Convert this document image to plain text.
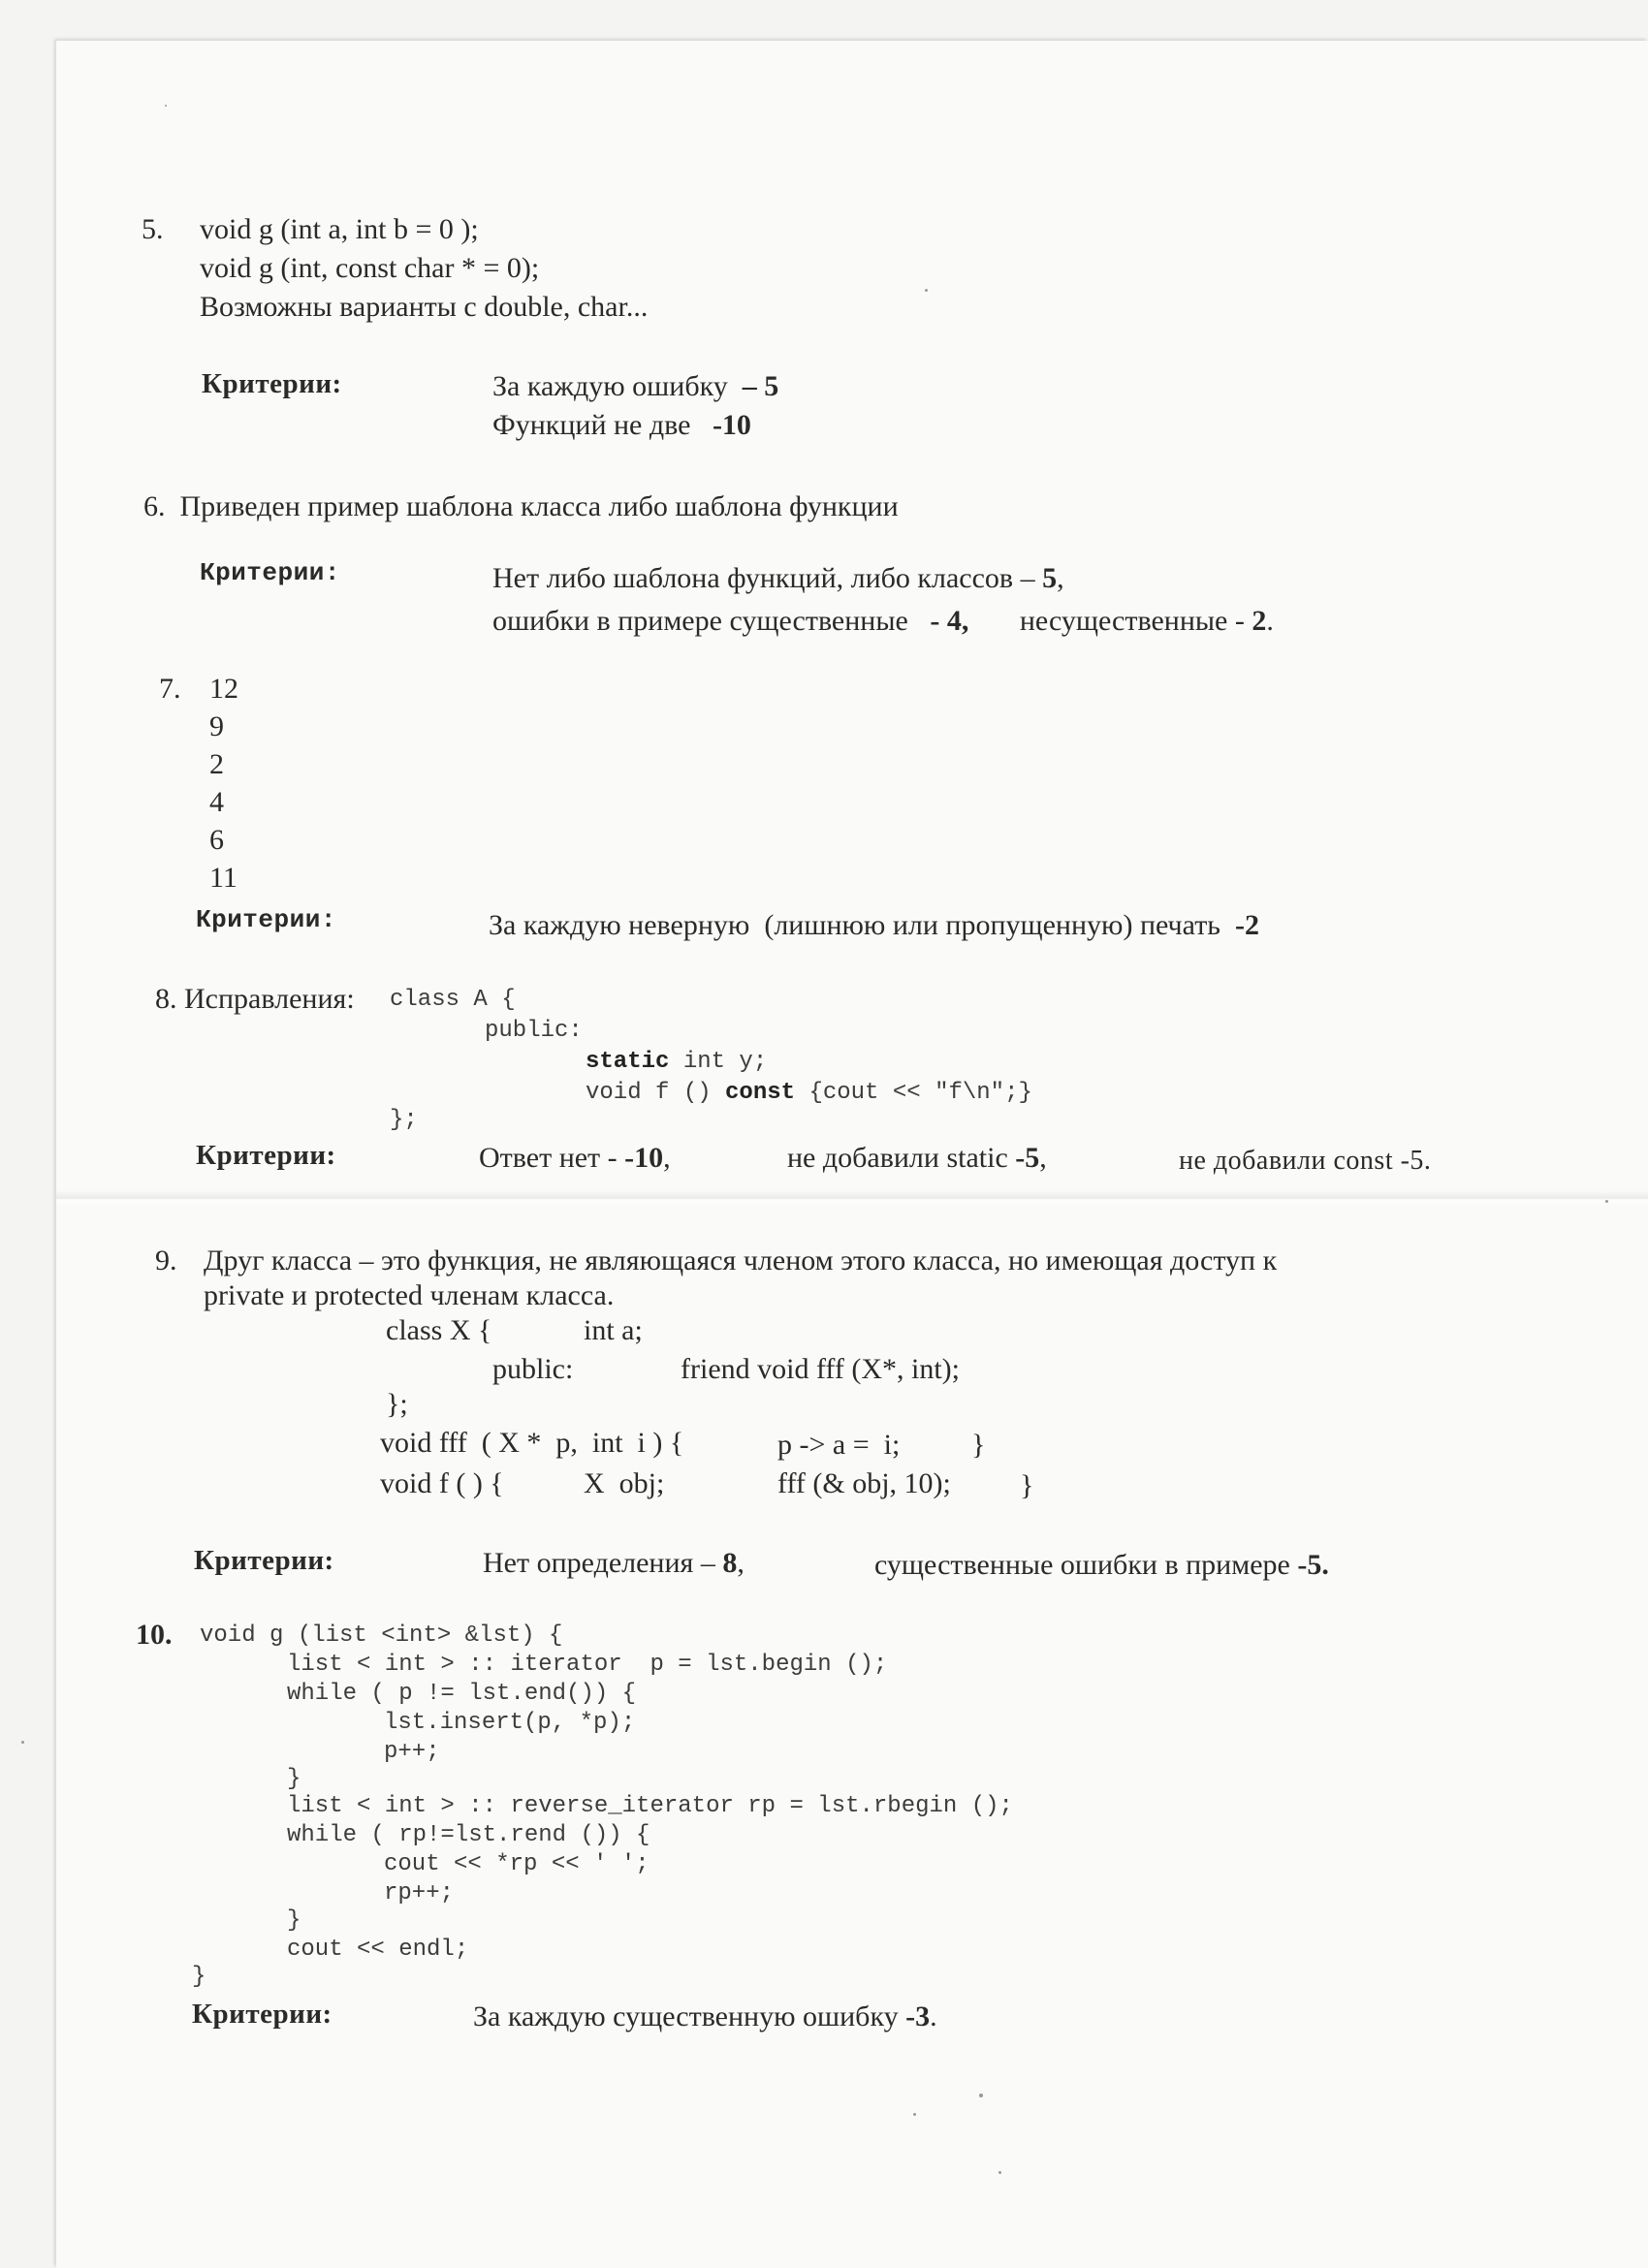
5. void g (int a, int b = 0 );
void g (int, const char * = 0);
Возможны варианты с double, char...
Критерии:	За каждую ошибку – 5
Функций не две -10
6. Приведен пример шаблона класса либо шаблона функции
Критерии:	Нет либо шаблона функций, либо классов – 5,
ошибки в примере существенные - 4, несущественные - 2.
7. 12
9
2
4
6
11
Критерии:	За каждую неверную  (лишнюю или пропущенную) печать -2
8. Исправления: class A {
public:
static int y;
void f () const {cout << "f\n";}
};
Критерии:	Ответ нет - -10,	не добавили static -5,	не добавили const -5.
9. Друг класса – это функция, не являющаяся членом этого класса, но имеющая доступ к
private и protected членам класса.
class X {	int a;
public:	friend void fff (X*, int);
};
void fff  ( X *  p,  int  i ) {	p -> a =  i; }
void f ( ) {	X  obj;	fff (& obj, 10); }
Критерии:	Нет определения – 8,	существенные ошибки в примере -5.
10. void g (list <int> &lst) {
list < int > :: iterator  p = lst.begin ();
while ( p != lst.end()) {
lst.insert(p, *p);
p++;
}
list < int > :: reverse_iterator rp = lst.rbegin ();
while ( rp!=lst.rend ()) {
cout << *rp << ' ';
rp++;
}
cout << endl;
}
Критерии:	За каждую существенную ошибку -3.
